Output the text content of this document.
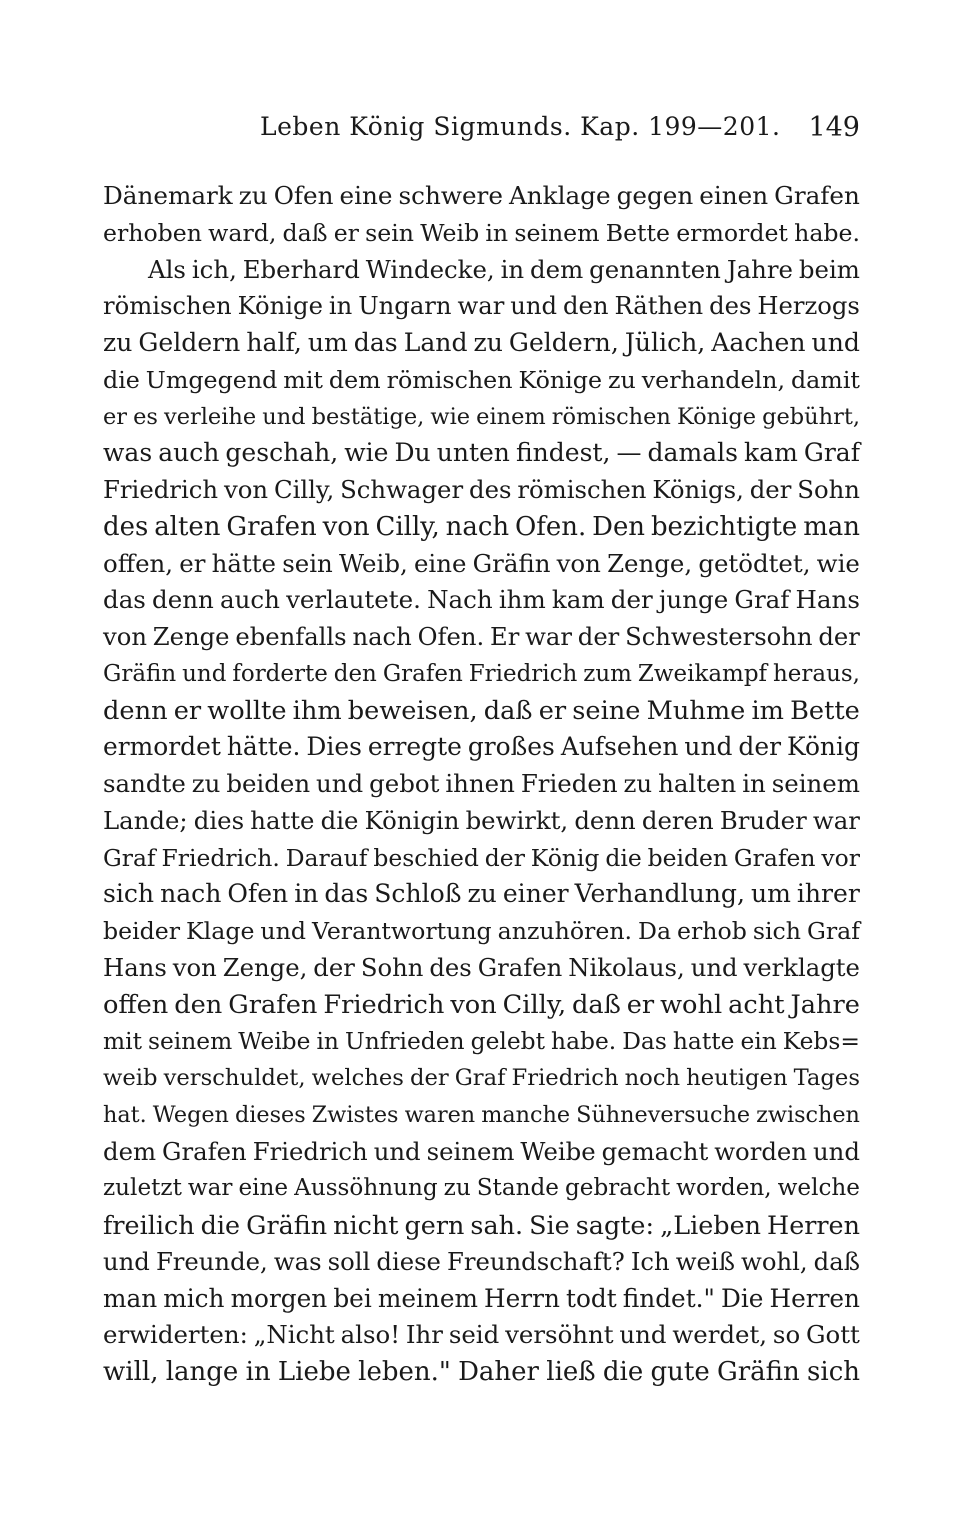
Leben König Sigmunds. Kap. 199—201. 149
Dänemark zu Ofen eine schwere Anklage gegen einen Grafen
erhoben ward, daß er sein Weib in seinem Bette ermordet habe.
Als ich, Eberhard Windecke, in dem genannten Jahre beim
römischen Könige in Ungarn war und den Räthen des Herzogs
zu Geldern half, um das Land zu Geldern, Jülich, Aachen und
die Umgegend mit dem römischen Könige zu verhandeln, damit
er es verleihe und bestätige, wie einem römischen Könige gebührt,
was auch geschah, wie Du unten findest, — damals kam Graf
Friedrich von Cilly, Schwager des römischen Königs, der Sohn
des alten Grafen von Cilly, nach Ofen. Den bezichtigte man
offen, er hätte sein Weib, eine Gräfin von Zenge, getödtet, wie
das denn auch verlautete. Nach ihm kam der junge Graf Hans
von Zenge ebenfalls nach Ofen. Er war der Schwestersohn der
Gräfin und forderte den Grafen Friedrich zum Zweikampf heraus,
denn er wollte ihm beweisen, daß er seine Muhme im Bette
ermordet hätte. Dies erregte großes Aufsehen und der König
sandte zu beiden und gebot ihnen Frieden zu halten in seinem
Lande; dies hatte die Königin bewirkt, denn deren Bruder war
Graf Friedrich. Darauf beschied der König die beiden Grafen vor
sich nach Ofen in das Schloß zu einer Verhandlung, um ihrer
beider Klage und Verantwortung anzuhören. Da erhob sich Graf
Hans von Zenge, der Sohn des Grafen Nikolaus, und verklagte
offen den Grafen Friedrich von Cilly, daß er wohl acht Jahre
mit seinem Weibe in Unfrieden gelebt habe. Das hatte ein Kebs=
weib verschuldet, welches der Graf Friedrich noch heutigen Tages
hat. Wegen dieses Zwistes waren manche Sühneversuche zwischen
dem Grafen Friedrich und seinem Weibe gemacht worden und
zuletzt war eine Aussöhnung zu Stande gebracht worden, welche
freilich die Gräfin nicht gern sah. Sie sagte: „Lieben Herren
und Freunde, was soll diese Freundschaft? Ich weiß wohl, daß
man mich morgen bei meinem Herrn todt findet." Die Herren
erwiderten: „Nicht also! Ihr seid versöhnt und werdet, so Gott
will, lange in Liebe leben." Daher ließ die gute Gräfin sich
